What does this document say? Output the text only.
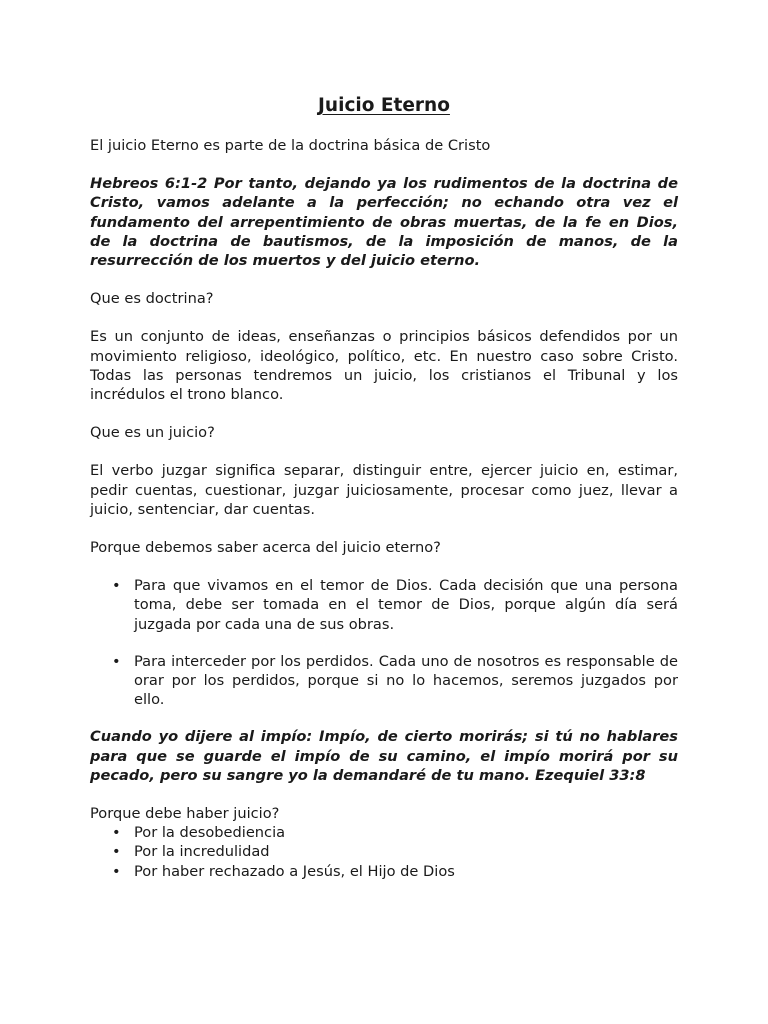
Juicio Eterno

El juicio Eterno es parte de la doctrina básica de Cristo

Hebreos 6:1-2 Por tanto, dejando ya los rudimentos de la doctrina de Cristo, vamos adelante a la perfección; no echando otra vez el fundamento del arrepentimiento de obras muertas, de la fe en Dios, de la doctrina de bautismos, de la imposición de manos, de la resurrección de los muertos y del juicio eterno.

Que es doctrina?

Es un conjunto de ideas, enseñanzas o principios básicos defendidos por un movimiento religioso, ideológico, político, etc. En nuestro caso sobre Cristo. Todas las personas tendremos un juicio, los cristianos el Tribunal y los incrédulos el trono blanco.

Que es un juicio?

El verbo juzgar significa separar, distinguir entre, ejercer juicio en, estimar, pedir cuentas, cuestionar, juzgar juiciosamente, procesar como juez, llevar a juicio, sentenciar, dar cuentas.

Porque debemos saber acerca del juicio eterno?

• Para que vivamos en el temor de Dios. Cada decisión que una persona toma, debe ser tomada en el temor de Dios, porque algún día será juzgada por cada una de sus obras.
• Para interceder por los perdidos. Cada uno de nosotros es responsable de orar por los perdidos, porque si no lo hacemos, seremos juzgados por ello.

Cuando yo dijere al impío: Impío, de cierto morirás; si tú no hablares para que se guarde el impío de su camino, el impío morirá por su pecado, pero su sangre yo la demandaré de tu mano. Ezequiel 33:8

Porque debe haber juicio?

• Por la desobediencia
• Por la incredulidad
• Por haber rechazado a Jesús, el Hijo de Dios
